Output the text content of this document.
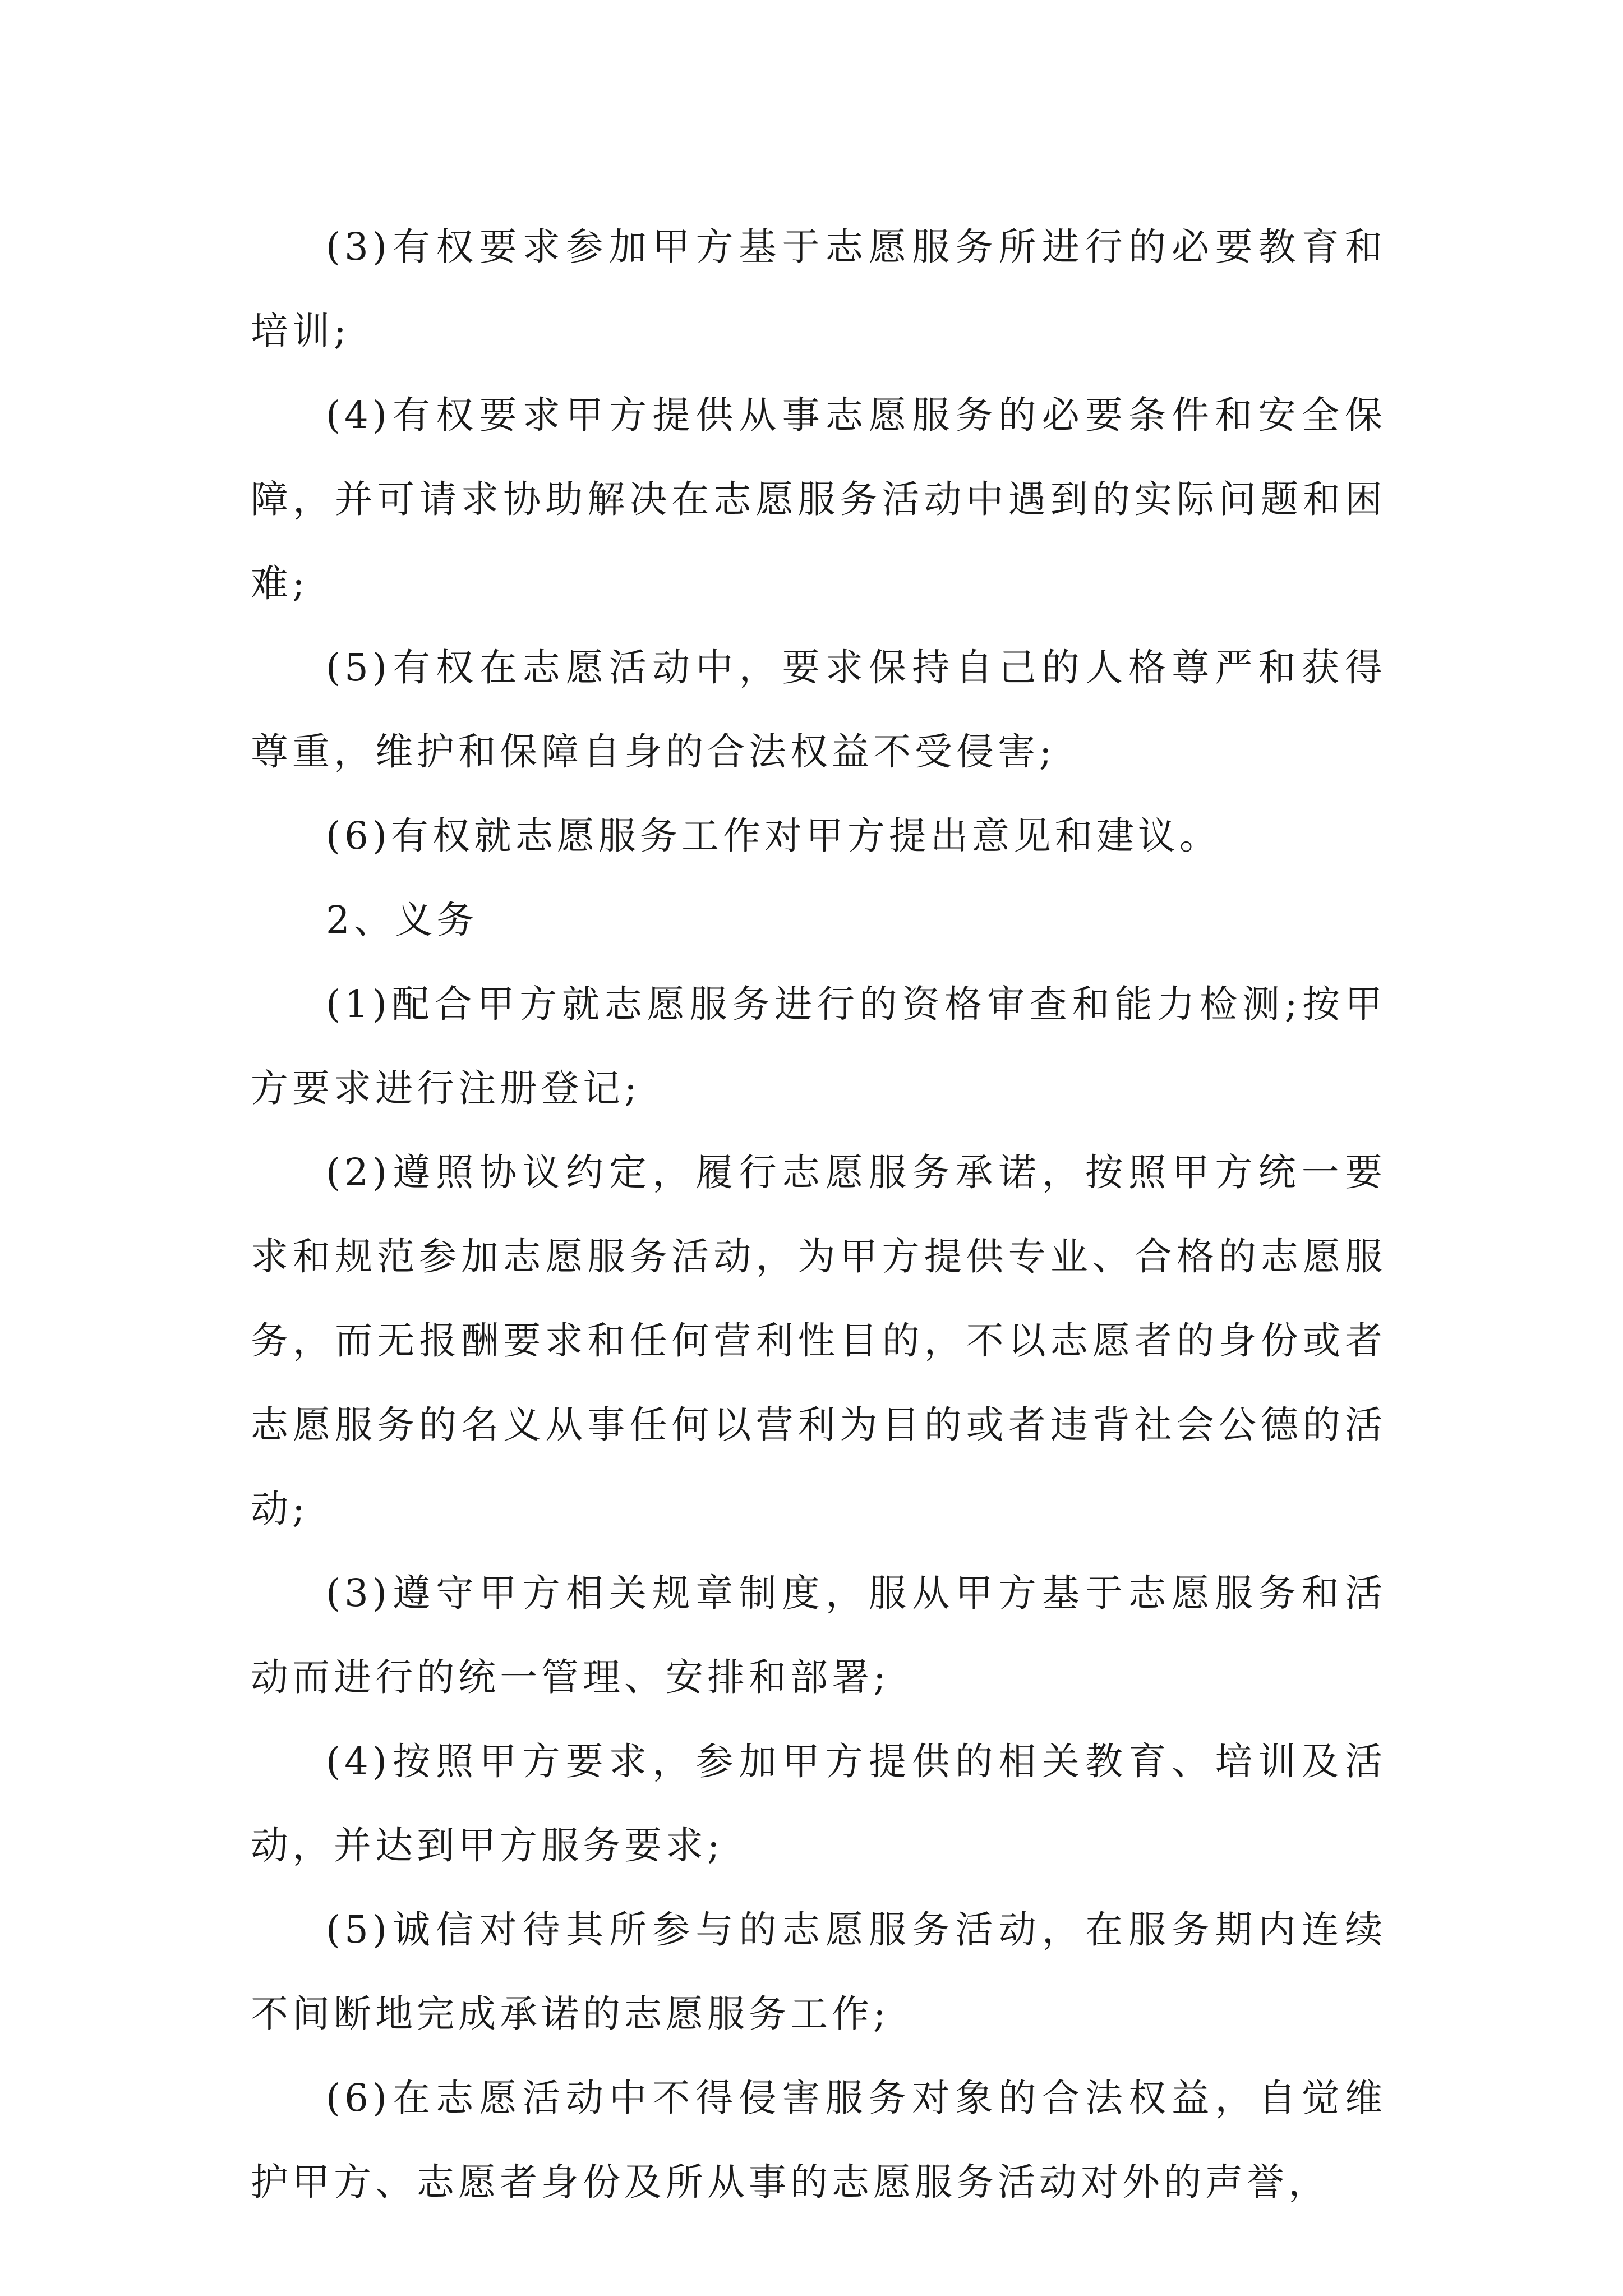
(3)有权要求参加甲方基于志愿服务所进行的必要教育和培训;

(4)有权要求甲方提供从事志愿服务的必要条件和安全保障，并可请求协助解决在志愿服务活动中遇到的实际问题和困难;

(5)有权在志愿活动中，要求保持自己的人格尊严和获得尊重，维护和保障自身的合法权益不受侵害;

(6)有权就志愿服务工作对甲方提出意见和建议。

2、义务

(1)配合甲方就志愿服务进行的资格审查和能力检测;按甲方要求进行注册登记;

(2)遵照协议约定，履行志愿服务承诺，按照甲方统一要求和规范参加志愿服务活动，为甲方提供专业、合格的志愿服务，而无报酬要求和任何营利性目的，不以志愿者的身份或者志愿服务的名义从事任何以营利为目的或者违背社会公德的活动;

(3)遵守甲方相关规章制度，服从甲方基于志愿服务和活动而进行的统一管理、安排和部署;

(4)按照甲方要求，参加甲方提供的相关教育、培训及活动，并达到甲方服务要求;

(5)诚信对待其所参与的志愿服务活动，在服务期内连续不间断地完成承诺的志愿服务工作;

(6)在志愿活动中不得侵害服务对象的合法权益，自觉维护甲方、志愿者身份及所从事的志愿服务活动对外的声誉，
